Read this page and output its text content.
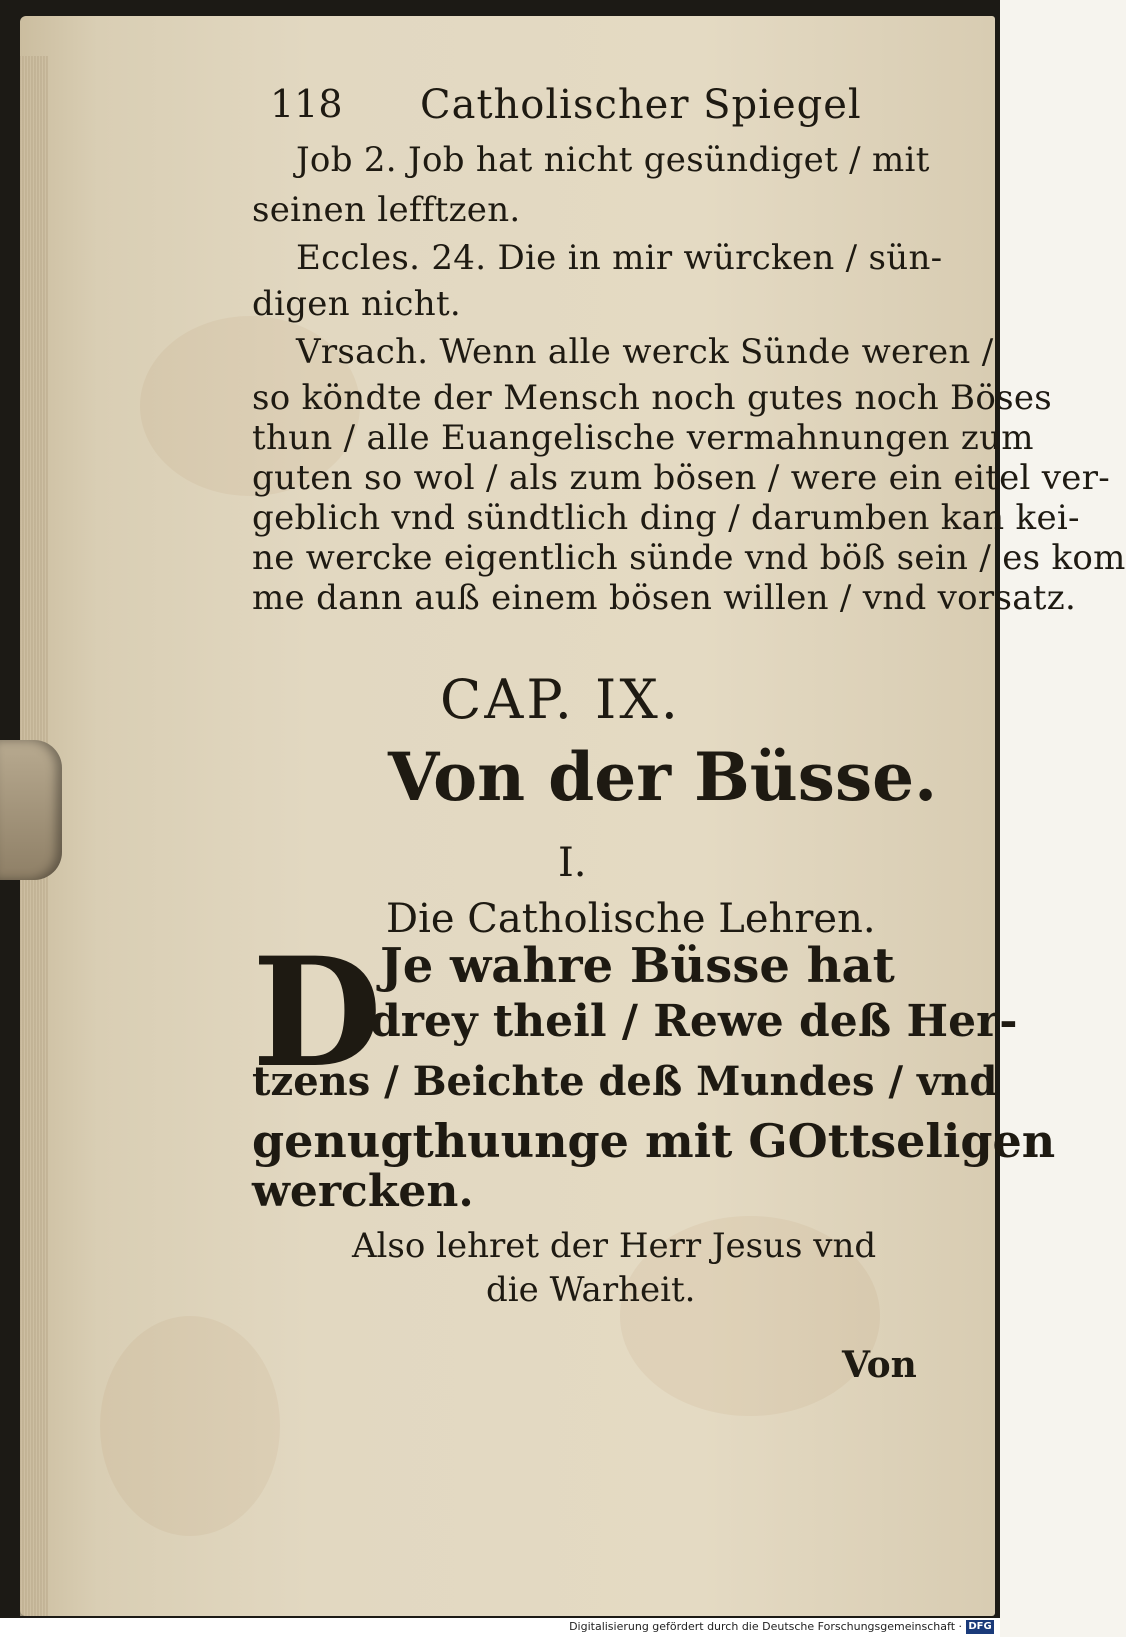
118 Catholischer Spiegel
Job 2. Job hat nicht gesündiget / mit
seinen lefftzen.
Eccles. 24. Die in mir würcken / sün-
digen nicht.
Vrsach. Wenn alle werck Sünde weren /
so köndte der Mensch noch gutes noch Böses
thun / alle Euangelische vermahnungen zum
guten so wol / als zum bösen / were ein eitel ver-
geblich vnd sündtlich ding / darumben kan kei-
ne wercke eigentlich sünde vnd böß sein / es kom
me dann auß einem bösen willen / vnd vorsatz.
CAP. IX.
Von der Büsse.
I.
Die Catholische Lehren.
D
Je wahre Büsse hat
drey theil / Rewe deß Her-
tzens / Beichte deß Mundes / vnd
genugthuunge mit GOttseligen
wercken.
Also lehret der Herr Jesus vnd
die Warheit.
Von
Digitalisierung gefördert durch die Deutsche Forschungsgemeinschaft · DFG
